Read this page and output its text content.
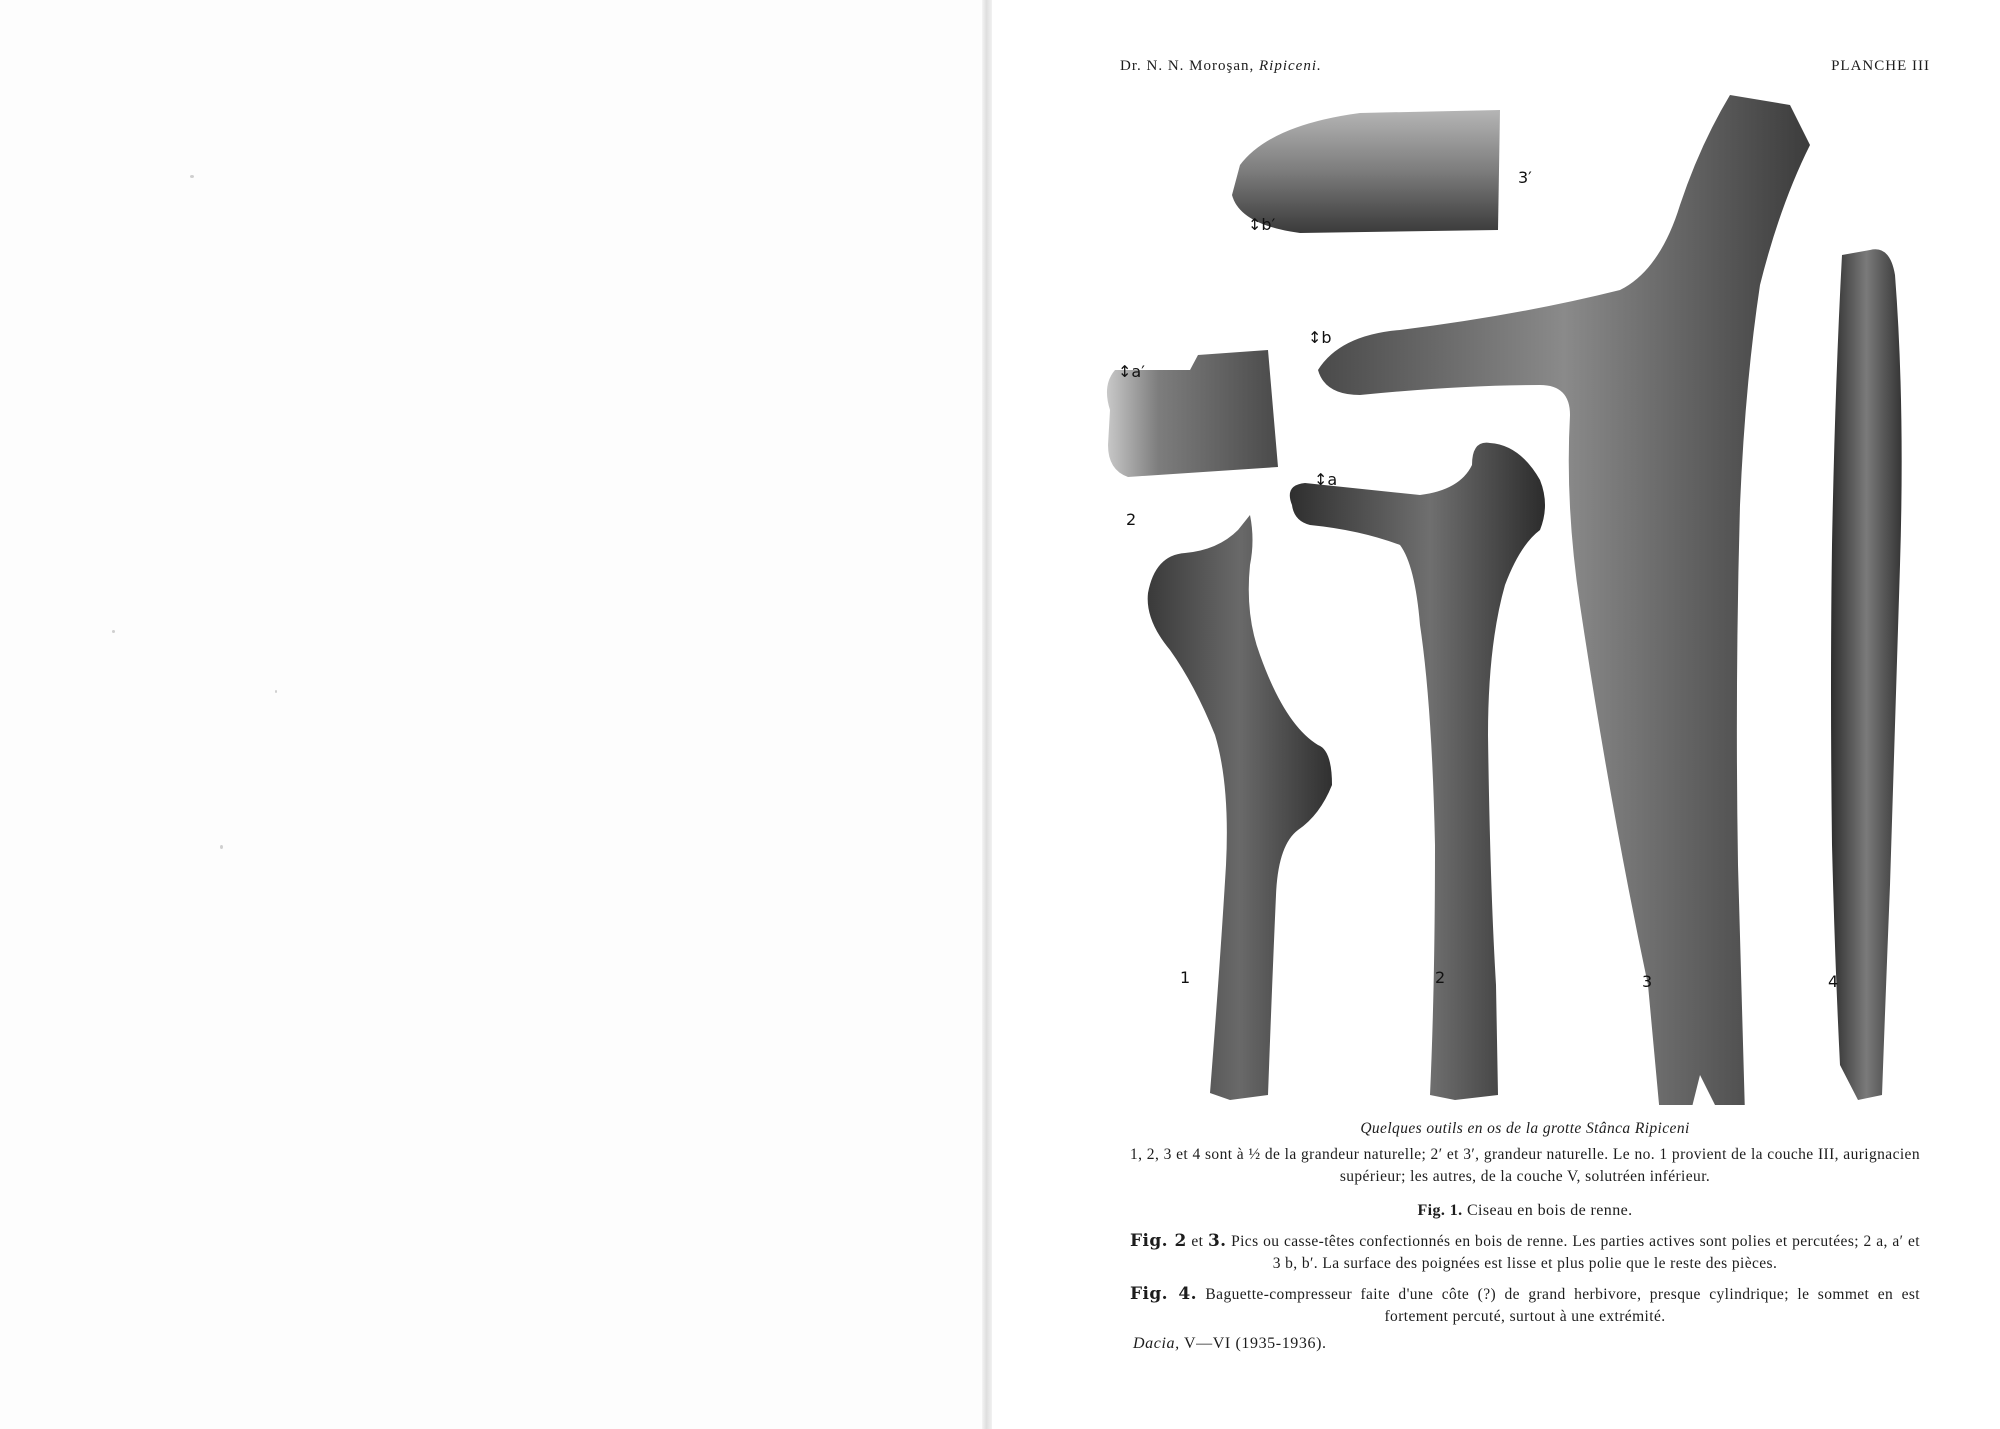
Dr. N. N. Moroşan, Ripiceni.	PLANCHE III
↕b′
3′
↕b
↕a′
↕a
2
1	2	3	4
Quelques outils en os de la grotte Stânca Ripiceni
1, 2, 3 et 4 sont à ½ de la grandeur naturelle; 2′ et 3′, grandeur naturelle. Le no. 1 provient de la couche III, aurignacien supérieur; les autres, de la couche V, solutréen inférieur.
Fig. 1. Ciseau en bois de renne.
Fig. 2 et 3. Pics ou casse-têtes confectionnés en bois de renne. Les parties actives sont polies et percutées; 2 a, a′ et 3 b, b′. La surface des poignées est lisse et plus polie que le reste des pièces.
Fig. 4. Baguette-compresseur faite d'une côte (?) de grand herbivore, presque cylindrique; le sommet en est fortement percuté, surtout à une extrémité.
Dacia, V—VI (1935-1936).
